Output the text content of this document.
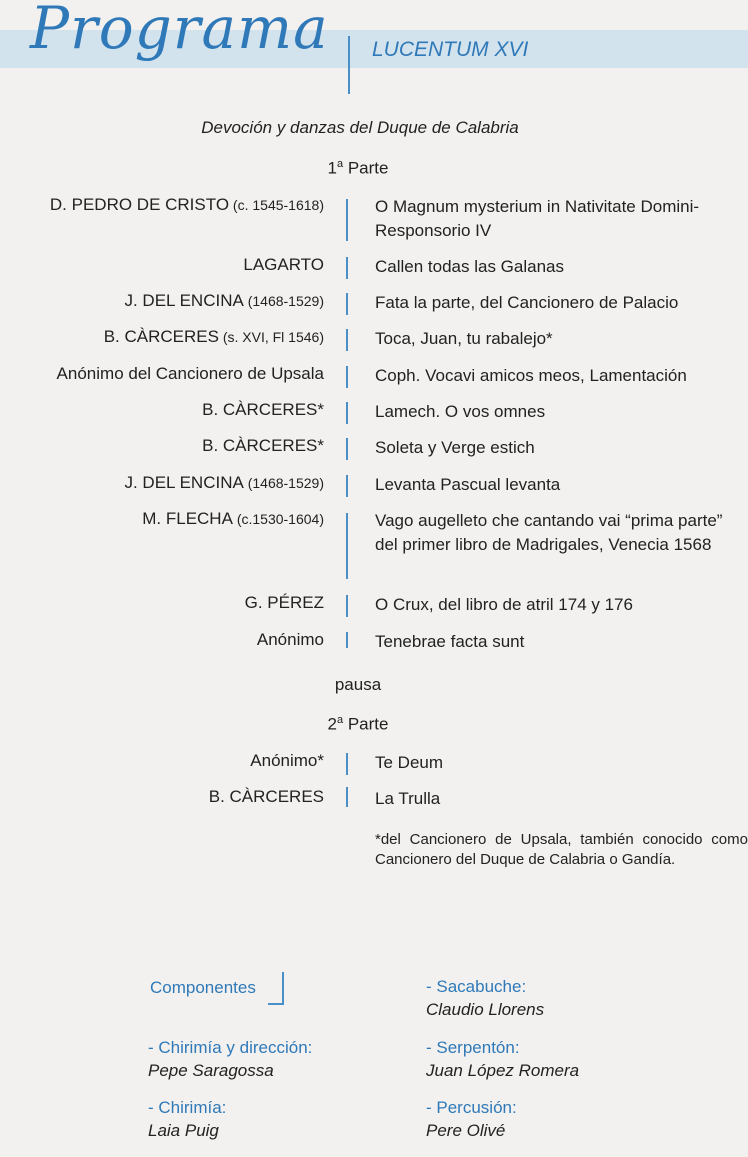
Programa LUCENTUM XVI
Devoción y danzas del Duque de Calabria
1$^a$ Parte
D. PEDRO DE CRISTO (c. 1545-1618)	O Magnum mysterium in Nativitate Domini-Responsorio IV
LAGARTO	Callen todas las Galanas
J. DEL ENCINA (1468-1529)	Fata la parte, del Cancionero de Palacio
B. CÀRCERES (s. XVI, Fl 1546)	Toca, Juan, tu rabalejo*
Anónimo del Cancionero de Upsala	Coph. Vocavi amicos meos, Lamentación
B. CÀRCERES*	Lamech. O vos omnes
B. CÀRCERES*	Soleta y Verge estich
J. DEL ENCINA (1468-1529)	Levanta Pascual levanta
M. FLECHA (c.1530-1604)	Vago augelleto che cantando vai “prima parte” del primer libro de Madrigales, Venecia 1568
G. PÉREZ	O Crux, del libro de atril 174 y 176
Anónimo	Tenebrae facta sunt
pausa
2$^a$ Parte
Anónimo*	Te Deum
B. CÀRCERES	La Trulla
*del Cancionero de Upsala, también conocido como Cancionero del Duque de Calabria o Gandía.
Componentes
- Chirimía y dirección:
Pepe Saragossa
- Chirimía:
Laia Puig
- Sacabuche:
Claudio Llorens
- Serpentón:
Juan López Romera
- Percusión:
Pere Olivé
